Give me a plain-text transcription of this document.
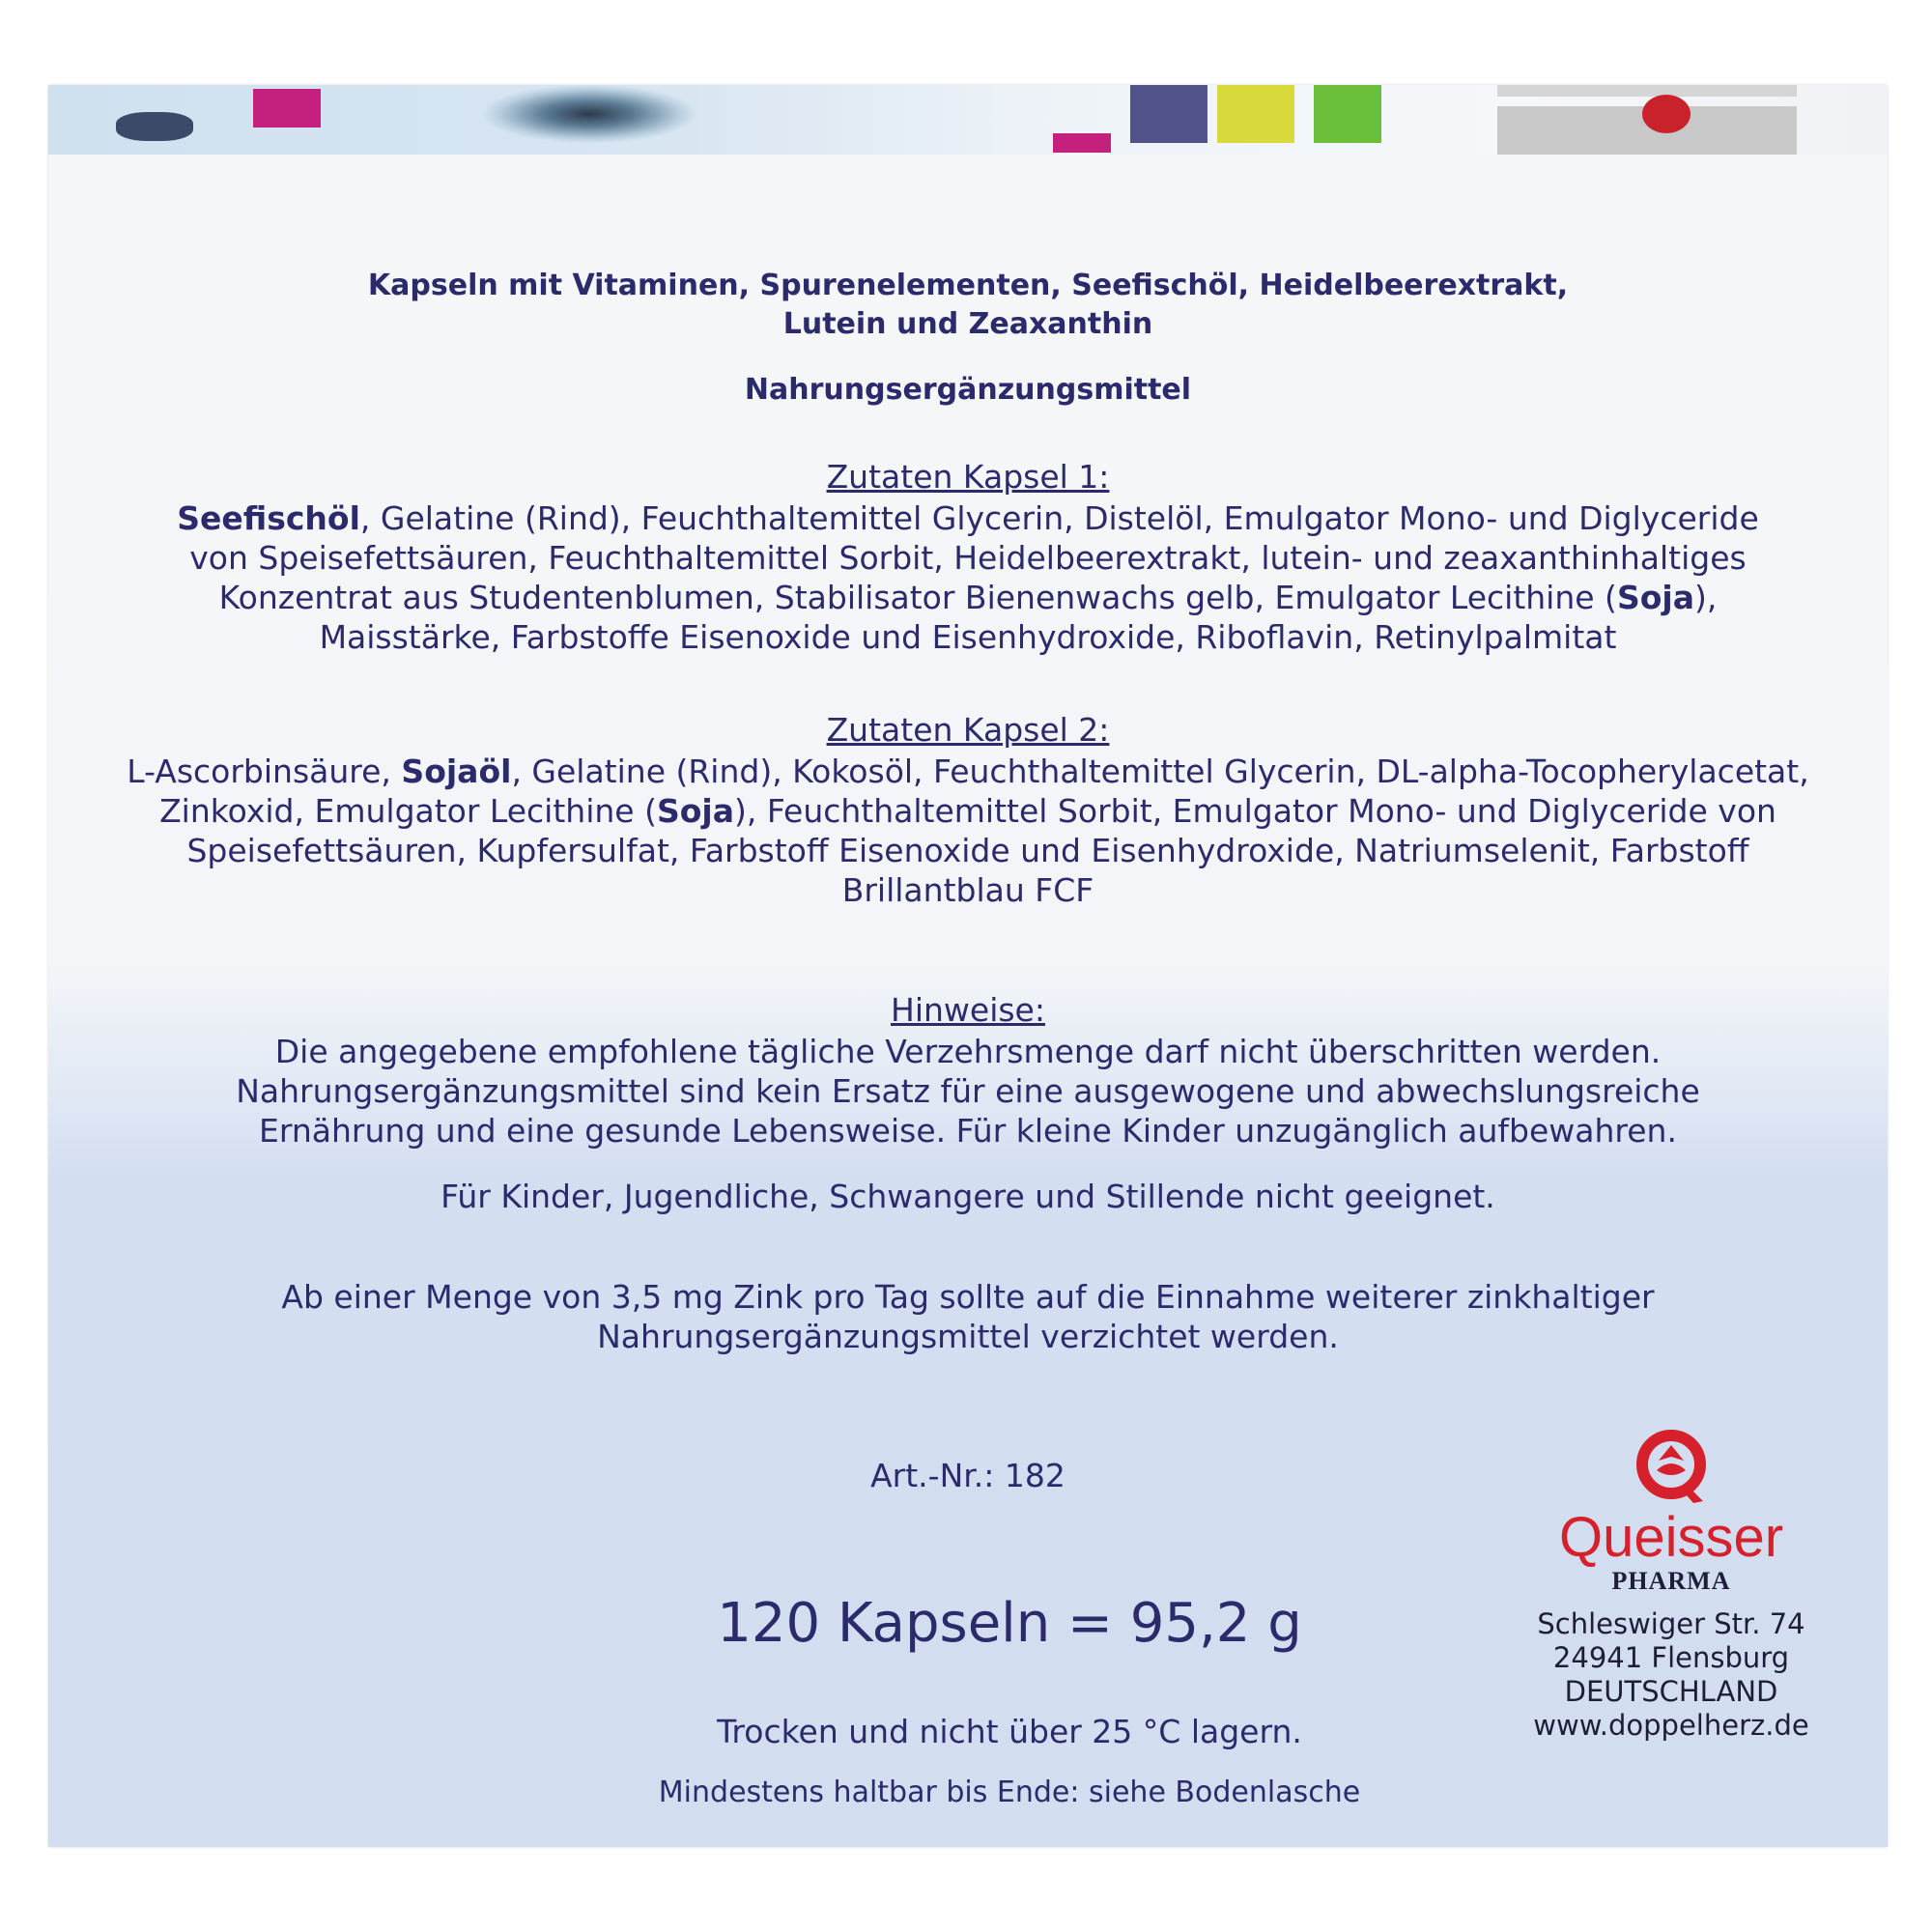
Kapseln mit Vitaminen, Spurenelementen, Seefischöl, Heidelbeerextrakt,
Lutein und Zeaxanthin
Nahrungsergänzungsmittel
Zutaten Kapsel 1:
Seefischöl, Gelatine (Rind), Feuchthaltemittel Glycerin, Distelöl, Emulgator Mono- und Diglyceride
von Speisefettsäuren, Feuchthaltemittel Sorbit, Heidelbeerextrakt, lutein- und zeaxanthinhaltiges
Konzentrat aus Studentenblumen, Stabilisator Bienenwachs gelb, Emulgator Lecithine (Soja),
Maisstärke, Farbstoffe Eisenoxide und Eisenhydroxide, Riboflavin, Retinylpalmitat
Zutaten Kapsel 2:
L-Ascorbinsäure, Sojaöl, Gelatine (Rind), Kokosöl, Feuchthaltemittel Glycerin, DL-alpha-Tocopherylacetat,
Zinkoxid, Emulgator Lecithine (Soja), Feuchthaltemittel Sorbit, Emulgator Mono- und Diglyceride von
Speisefettsäuren, Kupfersulfat, Farbstoff Eisenoxide und Eisenhydroxide, Natriumselenit, Farbstoff
Brillantblau FCF
Hinweise:
Die angegebene empfohlene tägliche Verzehrsmenge darf nicht überschritten werden.
Nahrungsergänzungsmittel sind kein Ersatz für eine ausgewogene und abwechslungsreiche
Ernährung und eine gesunde Lebensweise. Für kleine Kinder unzugänglich aufbewahren.
Für Kinder, Jugendliche, Schwangere und Stillende nicht geeignet.
Ab einer Menge von 3,5 mg Zink pro Tag sollte auf die Einnahme weiterer zinkhaltiger
Nahrungsergänzungsmittel verzichtet werden.
Art.-Nr.: 182
120 Kapseln = 95,2 g
Trocken und nicht über 25 °C lagern.
Mindestens haltbar bis Ende: siehe Bodenlasche
Queisser
PHARMA
Schleswiger Str. 74
24941 Flensburg
DEUTSCHLAND
www.doppelherz.de
